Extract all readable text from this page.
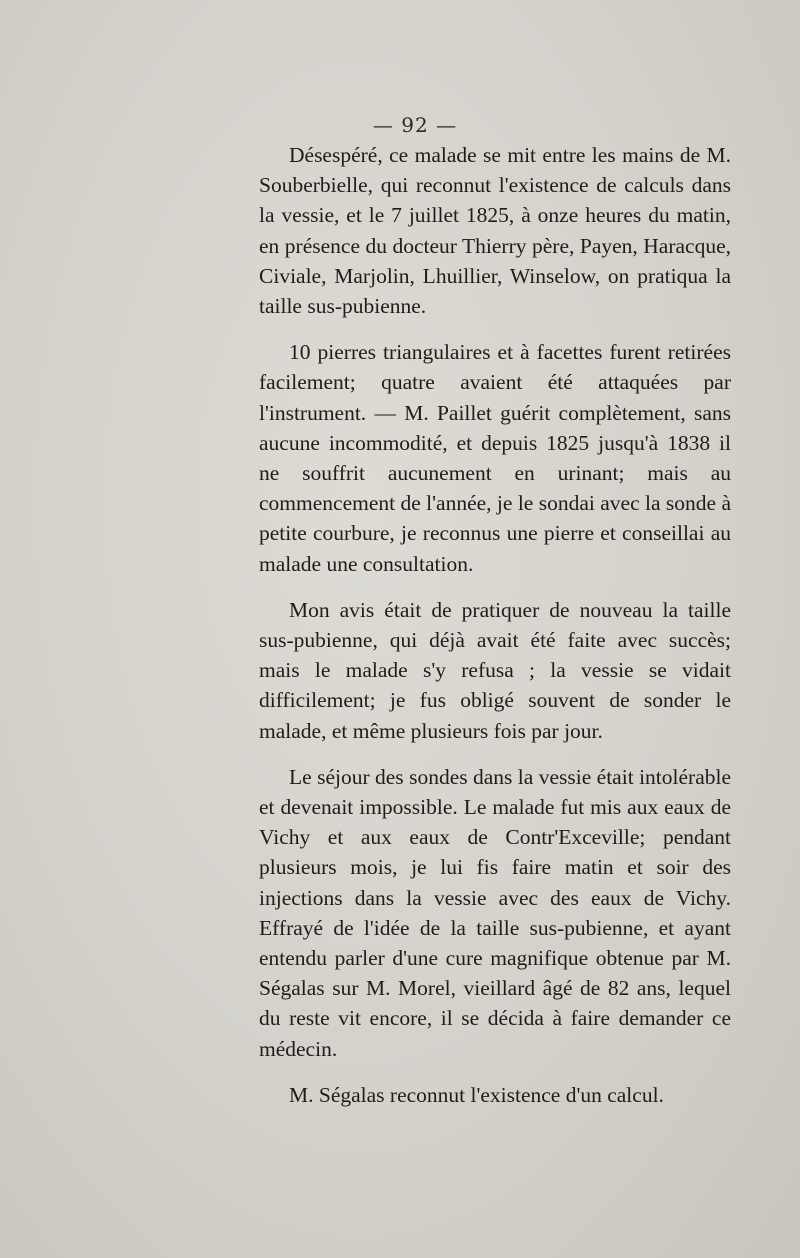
— 92 —

Désespéré, ce malade se mit entre les mains de M. Souberbielle, qui reconnut l'existence de calculs dans la vessie, et le 7 juillet 1825, à onze heures du matin, en présence du docteur Thierry père, Payen, Haracque, Civiale, Marjolin, Lhuillier, Winselow, on pratiqua la taille sus-pubienne.

10 pierres triangulaires et à facettes furent retirées facilement; quatre avaient été attaquées par l'instrument. — M. Paillet guérit complètement, sans aucune incommodité, et depuis 1825 jusqu'à 1838 il ne souffrit aucunement en urinant; mais au commencement de l'année, je le sondai avec la sonde à petite courbure, je reconnus une pierre et conseillai au malade une consultation.

Mon avis était de pratiquer de nouveau la taille sus-pubienne, qui déjà avait été faite avec succès; mais le malade s'y refusa ; la vessie se vidait difficilement; je fus obligé souvent de sonder le malade, et même plusieurs fois par jour.

Le séjour des sondes dans la vessie était intolérable et devenait impossible. Le malade fut mis aux eaux de Vichy et aux eaux de Contr'Exceville; pendant plusieurs mois, je lui fis faire matin et soir des injections dans la vessie avec des eaux de Vichy. Effrayé de l'idée de la taille sus-pubienne, et ayant entendu parler d'une cure magnifique obtenue par M. Ségalas sur M. Morel, vieillard âgé de 82 ans, lequel du reste vit encore, il se décida à faire demander ce médecin.

M. Ségalas reconnut l'existence d'un calcul.
